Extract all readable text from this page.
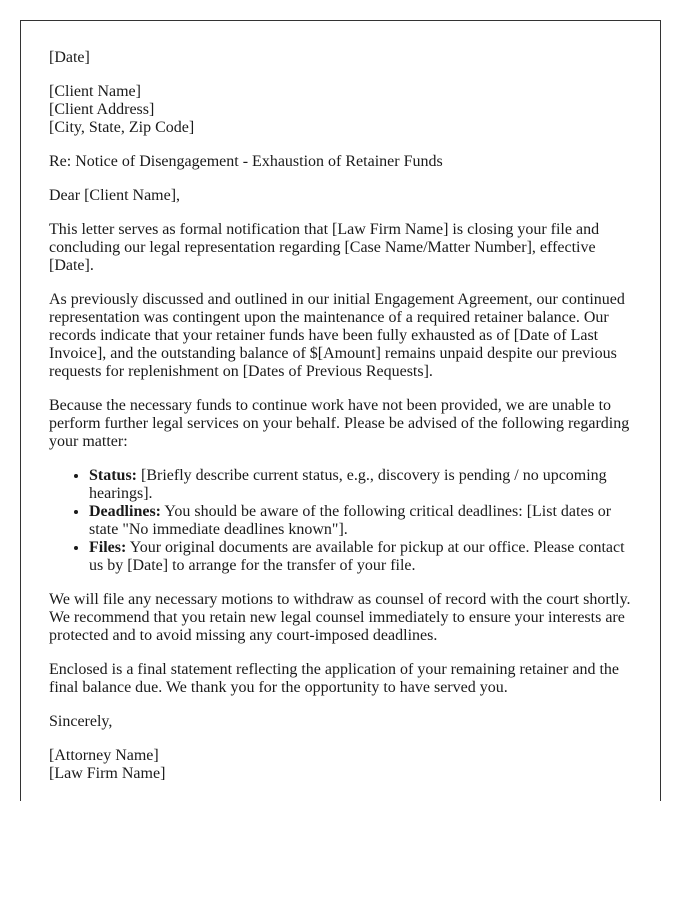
[Date]

[Client Name]
[Client Address]
[City, State, Zip Code]

Re: Notice of Disengagement - Exhaustion of Retainer Funds

Dear [Client Name],

This letter serves as formal notification that [Law Firm Name] is closing your file and concluding our legal representation regarding [Case Name/Matter Number], effective [Date].

As previously discussed and outlined in our initial Engagement Agreement, our continued representation was contingent upon the maintenance of a required retainer balance. Our records indicate that your retainer funds have been fully exhausted as of [Date of Last Invoice], and the outstanding balance of $[Amount] remains unpaid despite our previous requests for replenishment on [Dates of Previous Requests].

Because the necessary funds to continue work have not been provided, we are unable to perform further legal services on your behalf. Please be advised of the following regarding your matter:

• Status: [Briefly describe current status, e.g., discovery is pending / no upcoming hearings].
• Deadlines: You should be aware of the following critical deadlines: [List dates or state "No immediate deadlines known"].
• Files: Your original documents are available for pickup at our office. Please contact us by [Date] to arrange for the transfer of your file.

We will file any necessary motions to withdraw as counsel of record with the court shortly. We recommend that you retain new legal counsel immediately to ensure your interests are protected and to avoid missing any court-imposed deadlines.

Enclosed is a final statement reflecting the application of your remaining retainer and the final balance due. We thank you for the opportunity to have served you.

Sincerely,

[Attorney Name]
[Law Firm Name]
